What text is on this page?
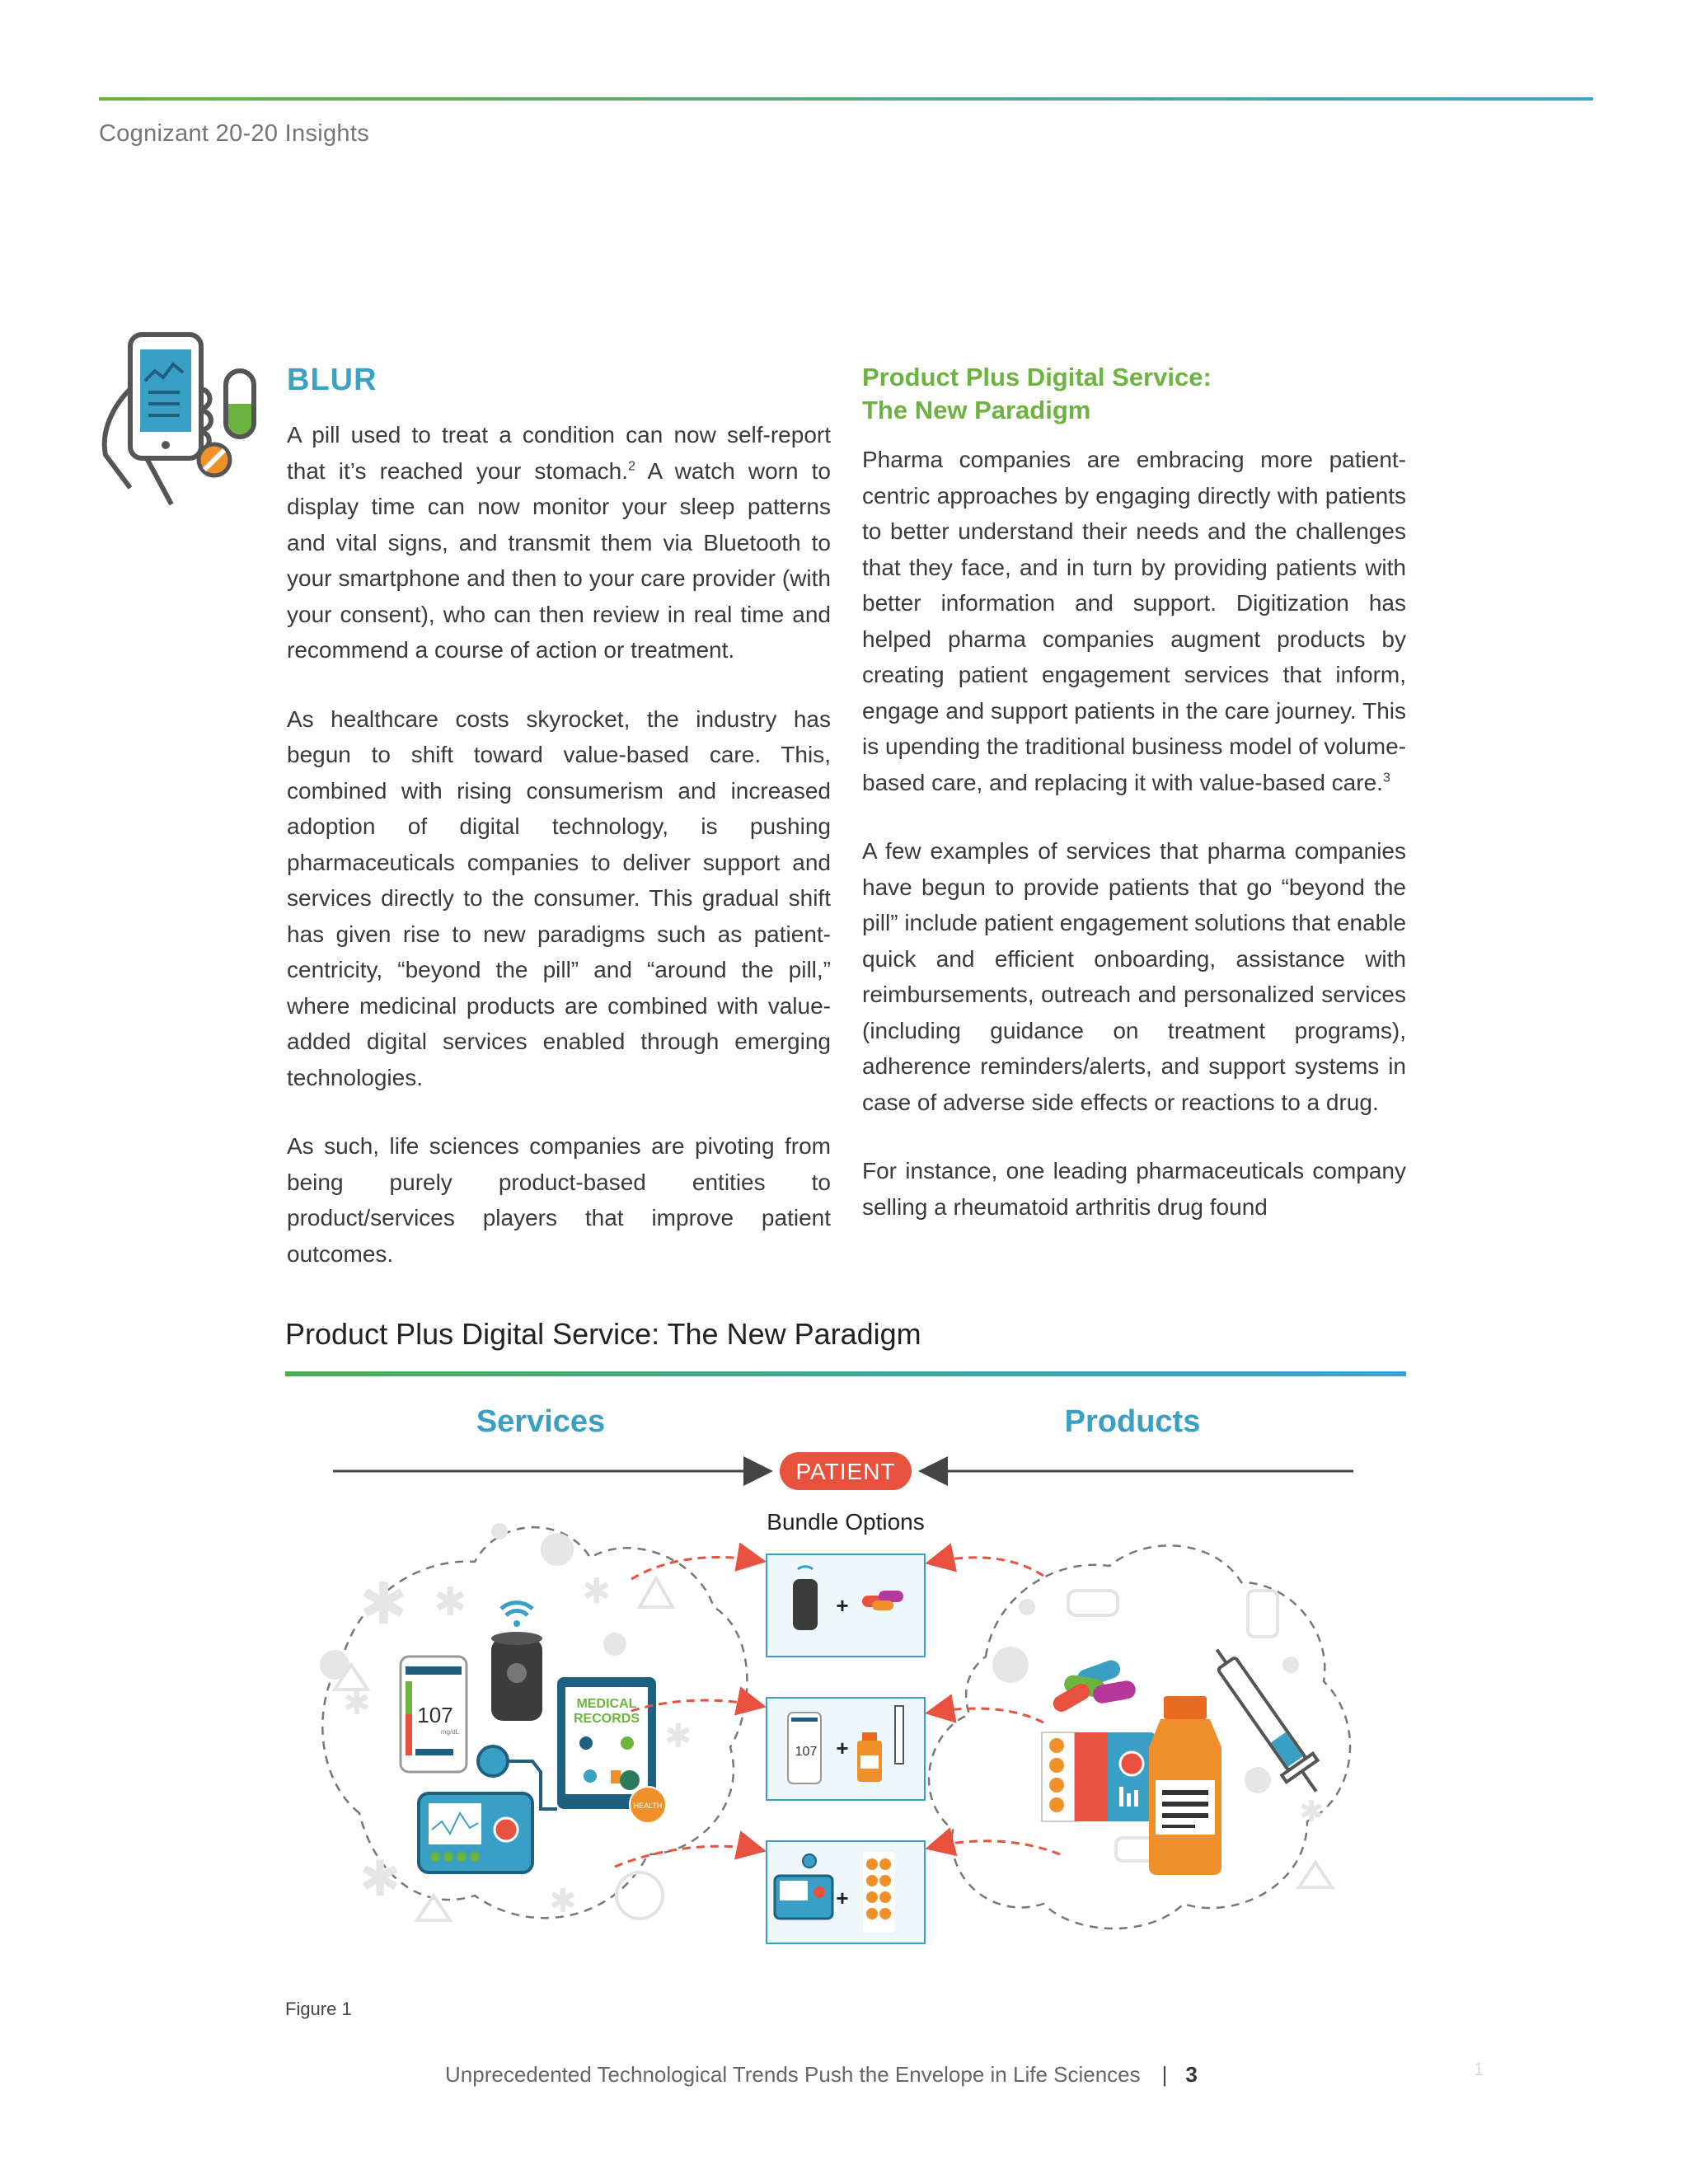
Cognizant 20-20 Insights
BLUR

A pill used to treat a condition can now self-report that it’s reached your stomach.$^2$ A watch worn to display time can now monitor your sleep patterns and vital signs, and transmit them via Bluetooth to your smartphone and then to your care provider (with your consent), who can then review in real time and recommend a course of action or treatment.

As healthcare costs skyrocket, the industry has begun to shift toward value-based care. This, combined with rising consumerism and increased adoption of digital technology, is pushing pharmaceuticals companies to deliver support and services directly to the consumer. This gradual shift has given rise to new paradigms such as patient-centricity, “beyond the pill” and “around the pill,” where medicinal products are combined with value-added digital services enabled through emerging technologies.

As such, life sciences companies are pivoting from being purely product-based entities to product/services players that improve patient outcomes.

Product Plus Digital Service:
The New Paradigm

Pharma companies are embracing more patient-centric approaches by engaging directly with patients to better understand their needs and the challenges that they face, and in turn by providing patients with better information and support. Digitization has helped pharma companies augment products by creating patient engagement services that inform, engage and support patients in the care journey. This is upending the traditional business model of volume-based care, and replacing it with value-based care.$^3$

A few examples of services that pharma companies have begun to provide patients that go “beyond the pill” include patient engagement solutions that enable quick and efficient onboarding, assistance with reimbursements, outreach and personalized services (including guidance on treatment programs), adherence reminders/alerts, and support systems in case of adverse side effects or reactions to a drug.

For instance, one leading pharmaceuticals company selling a rheumatoid arthritis drug found

Product Plus Digital Service: The New Paradigm
Services	Products
PATIENT
Bundle Options
✱ ✱	✱
✱
✱
✱	✱
✱
107
mg/dL
MEDICAL
RECORDS
HEALTH
+
107 +
+
Figure 1
Unprecedented Technological Trends Push the Envelope in Life Sciences | 3	1
